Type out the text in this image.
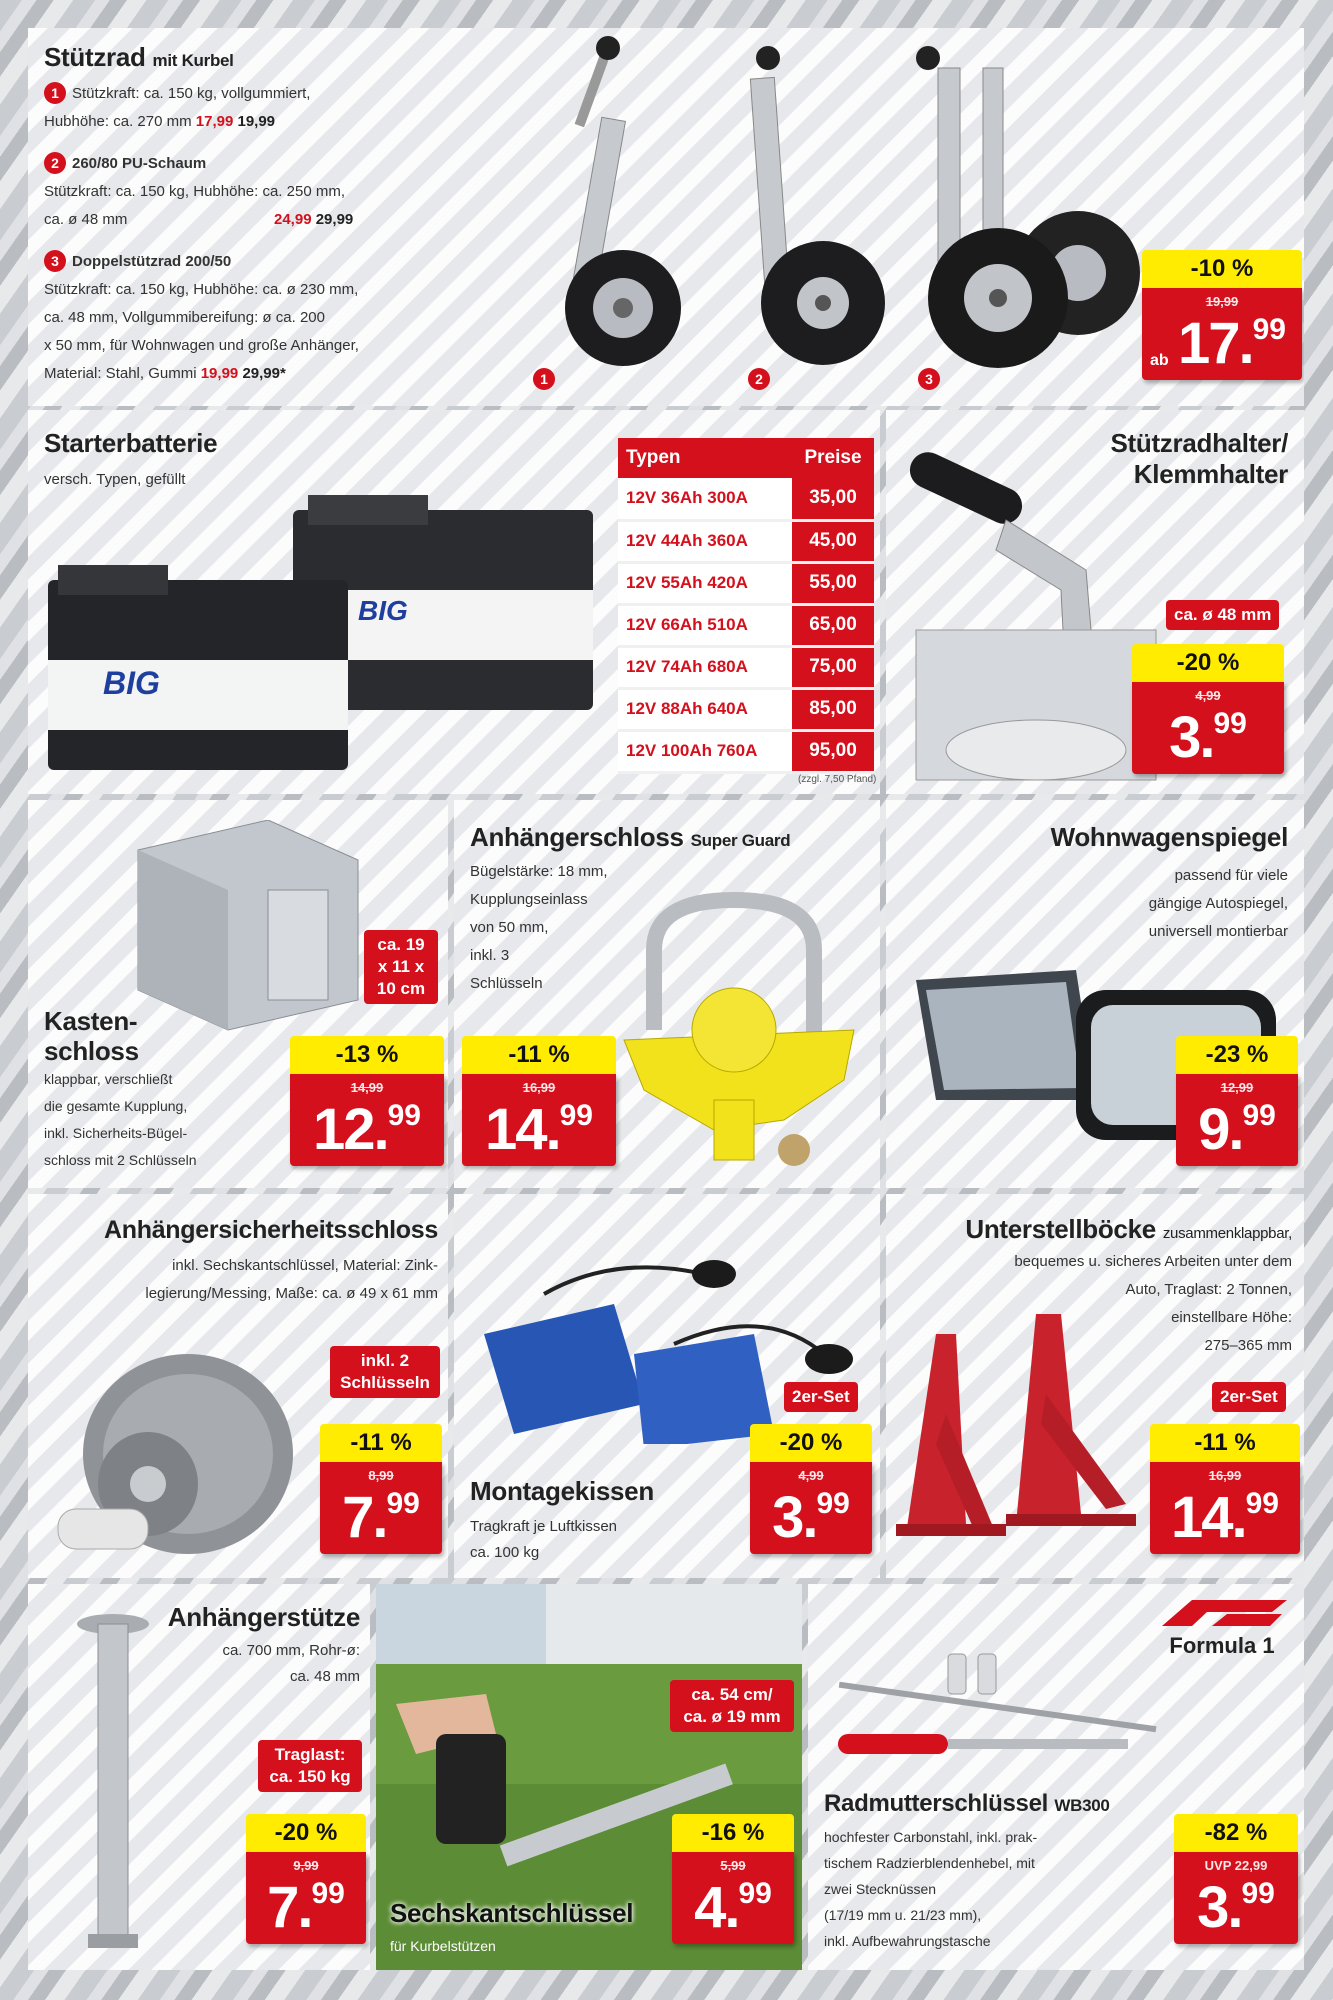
Stützrad mit Kurbel
1 Stützkraft: ca. 150 kg, vollgummiert,
Hubhöhe: ca. 270 mm 17,99 19,99
2 260/80 PU-Schaum
Stützkraft: ca. 150 kg, Hubhöhe: ca. 250 mm,
ca. ø 48 mm	24,99 29,99
3 Doppelstützrad 200/50
Stützkraft: ca. 150 kg, Hubhöhe: ca. ø 230 mm,
ca. 48 mm, Vollgummibereifung: ø ca. 200
x 50 mm, für Wohnwagen und große Anhänger,
Material: Stahl, Gummi 19,99 29,99*	1	2	3
-10 %
19,99
ab 17.99
Starterbatterie
versch. Typen, gefüllt
BIG
BIG
Typen	Preise
12V 36Ah 300A	35,00
12V 44Ah 360A	45,00
12V 55Ah 420A	55,00
12V 66Ah 510A	65,00
12V 74Ah 680A	75,00
12V 88Ah 640A	85,00
12V 100Ah 760A	95,00
(zzgl. 7,50 Pfand)
Stützradhalter/
Klemmhalter
ca. ø 48 mm
-20 %
4,99
3.99
ca. 19
x 11 x
10 cm
Kasten-
schloss
klappbar, verschließt
die gesamte Kupplung,
inkl. Sicherheits-Bügel-
schloss mit 2 Schlüsseln
-13 %
14,99
12.99
Anhängerschloss Super Guard
Bügelstärke: 18 mm,
Kupplungseinlass
von 50 mm,
inkl. 3
Schlüsseln
-11 %
16,99
14.99
Wohnwagenspiegel
passend für viele
gängige Autospiegel,
universell montierbar
-23 %
12,99
9.99
Anhängersicherheitsschloss
inkl. Sechskantschlüssel, Material: Zink-
legierung/Messing, Maße: ca. ø 49 x 61 mm
inkl. 2
Schlüsseln
-11 %
8,99
7.99
2er-Set
Montagekissen
Tragkraft je Luftkissen
ca. 100 kg
-20 %
4,99
3.99
Unterstellböcke zusammenklappbar,
bequemes u. sicheres Arbeiten unter dem
Auto, Traglast: 2 Tonnen,
einstellbare Höhe:
275–365 mm
2er-Set
-11 %
16,99
14.99
Anhängerstütze
ca. 700 mm, Rohr-ø:
ca. 48 mm
Traglast:
ca. 150 kg
-20 %
9,99
7.99
ca. 54 cm/
ca. ø 19 mm
-16 %
5,99
4.99
Sechskantschlüssel
für Kurbelstützen
Formula 1
Radmutterschlüssel WB300
hochfester Carbonstahl, inkl. prak-
tischem Radzierblendenhebel, mit
zwei Stecknüssen
(17/19 mm u. 21/23 mm),
inkl. Aufbewahrungstasche
-82 %
UVP 22,99
3.99
